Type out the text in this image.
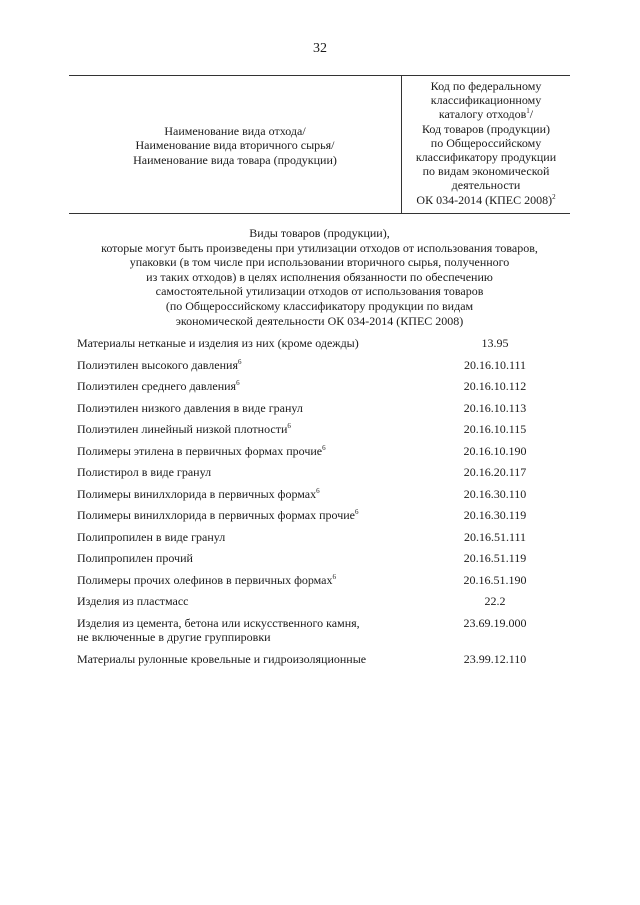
32
Наименование вида отхода/
Наименование вида вторичного сырья/
Наименование вида товара (продукции)
Код по федеральному
классификационному
каталогу отходов$^1$/
Код товаров (продукции)
по Общероссийскому
классификатору продукции
по видам экономической
деятельности
ОК 034-2014 (КПЕС 2008)$^2$
Виды товаров (продукции),
которые могут быть произведены при утилизации отходов от использования товаров,
упаковки (в том числе при использовании вторичного сырья, полученного
из таких отходов) в целях исполнения обязанности по обеспечению
самостоятельной утилизации отходов от использования товаров
(по Общероссийскому классификатору продукции по видам
экономической деятельности ОК 034-2014 (КПЕС 2008)
Материалы нетканые и изделия из них (кроме одежды)	13.95
Полиэтилен высокого давления$^6$	20.16.10.111
Полиэтилен среднего давления$^6$	20.16.10.112
Полиэтилен низкого давления в виде гранул	20.16.10.113
Полиэтилен линейный низкой плотности$^6$	20.16.10.115
Полимеры этилена в первичных формах прочие$^6$	20.16.10.190
Полистирол в виде гранул	20.16.20.117
Полимеры винилхлорида в первичных формах$^6$	20.16.30.110
Полимеры винилхлорида в первичных формах прочие$^6$	20.16.30.119
Полипропилен в виде гранул	20.16.51.111
Полипропилен прочий	20.16.51.119
Полимеры прочих олефинов в первичных формах$^6$	20.16.51.190
Изделия из пластмасс	22.2
Изделия из цемента, бетона или искусственного камня,
не включенные в другие группировки
23.69.19.000
Материалы рулонные кровельные и гидроизоляционные	23.99.12.110
